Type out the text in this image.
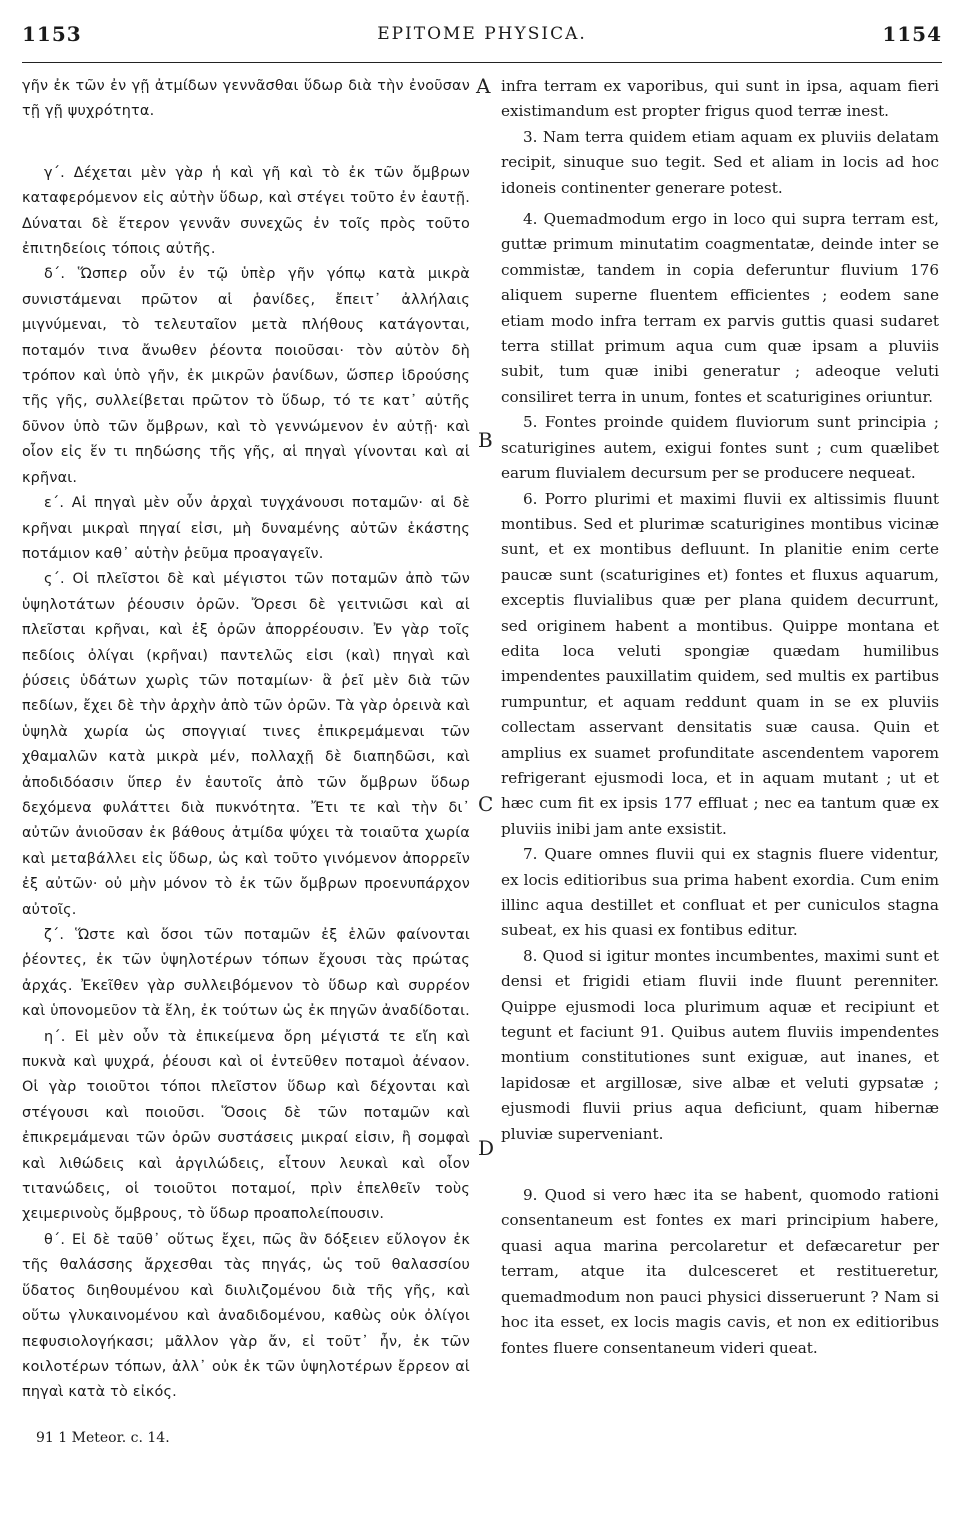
1153	EPITOME PHYSICA.	1154

γῆν ἐκ τῶν ἐν γῇ ἀτμίδων γεννᾶσθαι ὕδωρ διὰ τὴν ἐνοῦσαν τῇ γῇ ψυχρότητα.

γ΄. Δέχεται μὲν γὰρ ἡ καὶ γῆ καὶ τὸ ἐκ τῶν ὄμβρων καταφερόμενον εἰς αὐτὴν ὕδωρ, καὶ στέγει τοῦτο ἐν ἑαυτῇ. Δύναται δὲ ἕτερον γεννᾶν συνεχῶς ἐν τοῖς πρὸς τοῦτο ἐπιτηδείοις τόποις αὐτῆς.

δ΄. Ὥσπερ οὖν ἐν τῷ ὑπὲρ γῆν γόπῳ κατὰ μικρὰ συνιστάμεναι πρῶτον αἱ ῥανίδες, ἔπειτ᾽ ἀλλήλαις μιγνύμεναι, τὸ τελευταῖον μετὰ πλήθους κατάγονται, ποταμόν τινα ἄνωθεν ῥέοντα ποιοῦσαι· τὸν αὐτὸν δὴ τρόπον καὶ ὑπὸ γῆν, ἐκ μικρῶν ῥανίδων, ὥσπερ ἱδρούσης τῆς γῆς, συλλείβεται πρῶτον τὸ ὕδωρ, τό τε κατ᾽ αὐτῆς δῦνον ὑπὸ τῶν ὄμβρων, καὶ τὸ γεννώμενον ἐν αὐτῇ· καὶ οἷον εἰς ἕν τι πηδώσης τῆς γῆς, αἱ πηγαὶ γίνονται καὶ αἱ κρῆναι.

ε΄. Αἱ πηγαὶ μὲν οὖν ἀρχαὶ τυγχάνουσι ποταμῶν· αἱ δὲ κρῆναι μικραὶ πηγαί εἰσι, μὴ δυναμένης αὐτῶν ἑκάστης ποτάμιον καθ᾽ αὑτὴν ῥεῦμα προαγαγεῖν.

ς΄. Οἱ πλεῖστοι δὲ καὶ μέγιστοι τῶν ποταμῶν ἀπὸ τῶν ὑψηλοτάτων ῥέουσιν ὀρῶν. Ὄρεσι δὲ γειτνιῶσι καὶ αἱ πλεῖσται κρῆναι, καὶ ἐξ ὀρῶν ἀπορρέουσιν. Ἐν γὰρ τοῖς πεδίοις ὀλίγαι (κρῆναι) παντελῶς εἰσι (καὶ) πηγαὶ καὶ ῥύσεις ὑδάτων χωρὶς τῶν ποταμίων· ἃ ῥεῖ μὲν διὰ τῶν πεδίων, ἔχει δὲ τὴν ἀρχὴν ἀπὸ τῶν ὀρῶν. Τὰ γὰρ ὀρεινὰ καὶ ὑψηλὰ χωρία ὡς σπογγιαί τινες ἐπικρεμάμεναι τῶν χθαμαλῶν κατὰ μικρὰ μέν, πολλαχῇ δὲ διαπηδῶσι, καὶ ἀποδιδόασιν ὕπερ ἐν ἑαυτοῖς ἀπὸ τῶν ὄμβρων ὕδωρ δεχόμενα φυλάττει διὰ πυκνότητα. Ἔτι τε καὶ τὴν δι᾽ αὐτῶν ἀνιοῦσαν ἐκ βάθους ἀτμίδα ψύχει τὰ τοιαῦτα χωρία καὶ μεταβάλλει εἰς ὕδωρ, ὡς καὶ τοῦτο γινόμενον ἀπορρεῖν ἐξ αὐτῶν· οὐ μὴν μόνον τὸ ἐκ τῶν ὄμβρων προενυπάρχον αὐτοῖς.

ζ΄. Ὥστε καὶ ὅσοι τῶν ποταμῶν ἐξ ἑλῶν φαίνονται ῥέοντες, ἐκ τῶν ὑψηλοτέρων τόπων ἔχουσι τὰς πρώτας ἀρχάς. Ἐκεῖθεν γὰρ συλλειβόμενον τὸ ὕδωρ καὶ συρρέον καὶ ὑπονομεῦον τὰ ἕλη, ἐκ τούτων ὡς ἐκ πηγῶν ἀναδίδοται.

η΄. Εἰ μὲν οὖν τὰ ἐπικείμενα ὄρη μέγιστά τε εἴη καὶ πυκνὰ καὶ ψυχρά, ῥέουσι καὶ οἱ ἐντεῦθεν ποταμοὶ ἀέναον. Οἱ γὰρ τοιοῦτοι τόποι πλεῖστον ὕδωρ καὶ δέχονται καὶ στέγουσι καὶ ποιοῦσι. Ὅσοις δὲ τῶν ποταμῶν καὶ ἐπικρεμάμεναι τῶν ὀρῶν συστάσεις μικραί εἰσιν, ἢ σομφαὶ καὶ λιθώδεις καὶ ἀργιλώδεις, εἶτουν λευκαὶ καὶ οἷον τιτανώδεις, οἱ τοιοῦτοι ποταμοί, πρὶν ἐπελθεῖν τοὺς χειμερινοὺς ὄμβρους, τὸ ὕδωρ προαπολείπουσιν.

θ΄. Εἰ δὲ ταῦθ᾽ οὕτως ἔχει, πῶς ἂν δόξειεν εὔλογον ἐκ τῆς θαλάσσης ἄρχεσθαι τὰς πηγάς, ὡς τοῦ θαλασσίου ὕδατος διηθουμένου καὶ διυλιζομένου διὰ τῆς γῆς, καὶ οὕτω γλυκαινομένου καὶ ἀναδιδομένου, καθὼς οὐκ ὀλίγοι πεφυσιολογήκασι; μᾶλλον γὰρ ἄν, εἰ τοῦτ᾽ ἦν, ἐκ τῶν κοιλοτέρων τόπων, ἀλλ᾽ οὐκ ἐκ τῶν ὑψηλοτέρων ἔρρεον αἱ πηγαὶ κατὰ τὸ εἰκός.

A
B
C
D

infra terram ex vaporibus, qui sunt in ipsa, aquam fieri existimandum est propter frigus quod terræ inest.

3. Nam terra quidem etiam aquam ex pluviis delatam recipit, sinuque suo tegit. Sed et aliam in locis ad hoc idoneis continenter generare potest.

4. Quemadmodum ergo in loco qui supra terram est, guttæ primum minutatim coagmentatæ, deinde inter se commistæ, tandem in copia deferuntur fluvium 176 aliquem superne fluentem efficientes ; eodem sane etiam modo infra terram ex parvis guttis quasi sudaret terra stillat primum aqua cum quæ ipsam a pluviis subit, tum quæ inibi generatur ; adeoque veluti consiliret terra in unum, fontes et scaturigines oriuntur.

5. Fontes proinde quidem fluviorum sunt principia ; scaturigines autem, exigui fontes sunt ; cum quælibet earum fluvialem decursum per se producere nequeat.

6. Porro plurimi et maximi fluvii ex altissimis fluunt montibus. Sed et plurimæ scaturigines montibus vicinæ sunt, et ex montibus defluunt. In planitie enim certe paucæ sunt (scaturigines et) fontes et fluxus aquarum, exceptis fluvialibus quæ per plana quidem decurrunt, sed originem habent a montibus. Quippe montana et edita loca veluti spongiæ quædam humilibus impendentes pauxillatim quidem, sed multis ex partibus rumpuntur, et aquam reddunt quam in se ex pluviis collectam asservant densitatis suæ causa. Quin et amplius ex suamet profunditate ascendentem vaporem refrigerant ejusmodi loca, et in aquam mutant ; ut et hæc cum fit ex ipsis 177 effluat ; nec ea tantum quæ ex pluviis inibi jam ante exsistit.

7. Quare omnes fluvii qui ex stagnis fluere videntur, ex locis editioribus sua prima habent exordia. Cum enim illinc aqua destillet et confluat et per cuniculos stagna subeat, ex his quasi ex fontibus editur.

8. Quod si igitur montes incumbentes, maximi sunt et densi et frigidi etiam fluvii inde fluunt perenniter. Quippe ejusmodi loca plurimum aquæ et recipiunt et tegunt et faciunt 91. Quibus autem fluviis impendentes montium constitutiones sunt exiguæ, aut inanes, et lapidosæ et argillosæ, sive albæ et veluti gypsatæ ; ejusmodi fluvii prius aqua deficiunt, quam hibernæ pluviæ superveniant.

9. Quod si vero hæc ita se habent, quomodo rationi consentaneum est fontes ex mari principium habere, quasi aqua marina percolaretur et defæcaretur per terram, atque ita dulcesceret et restitueretur, quemadmodum non pauci physici disseruerunt ? Nam si hoc ita esset, ex locis magis cavis, et non ex editioribus fontes fluere consentaneum videri queat.

91 1 Meteor. c. 14.
